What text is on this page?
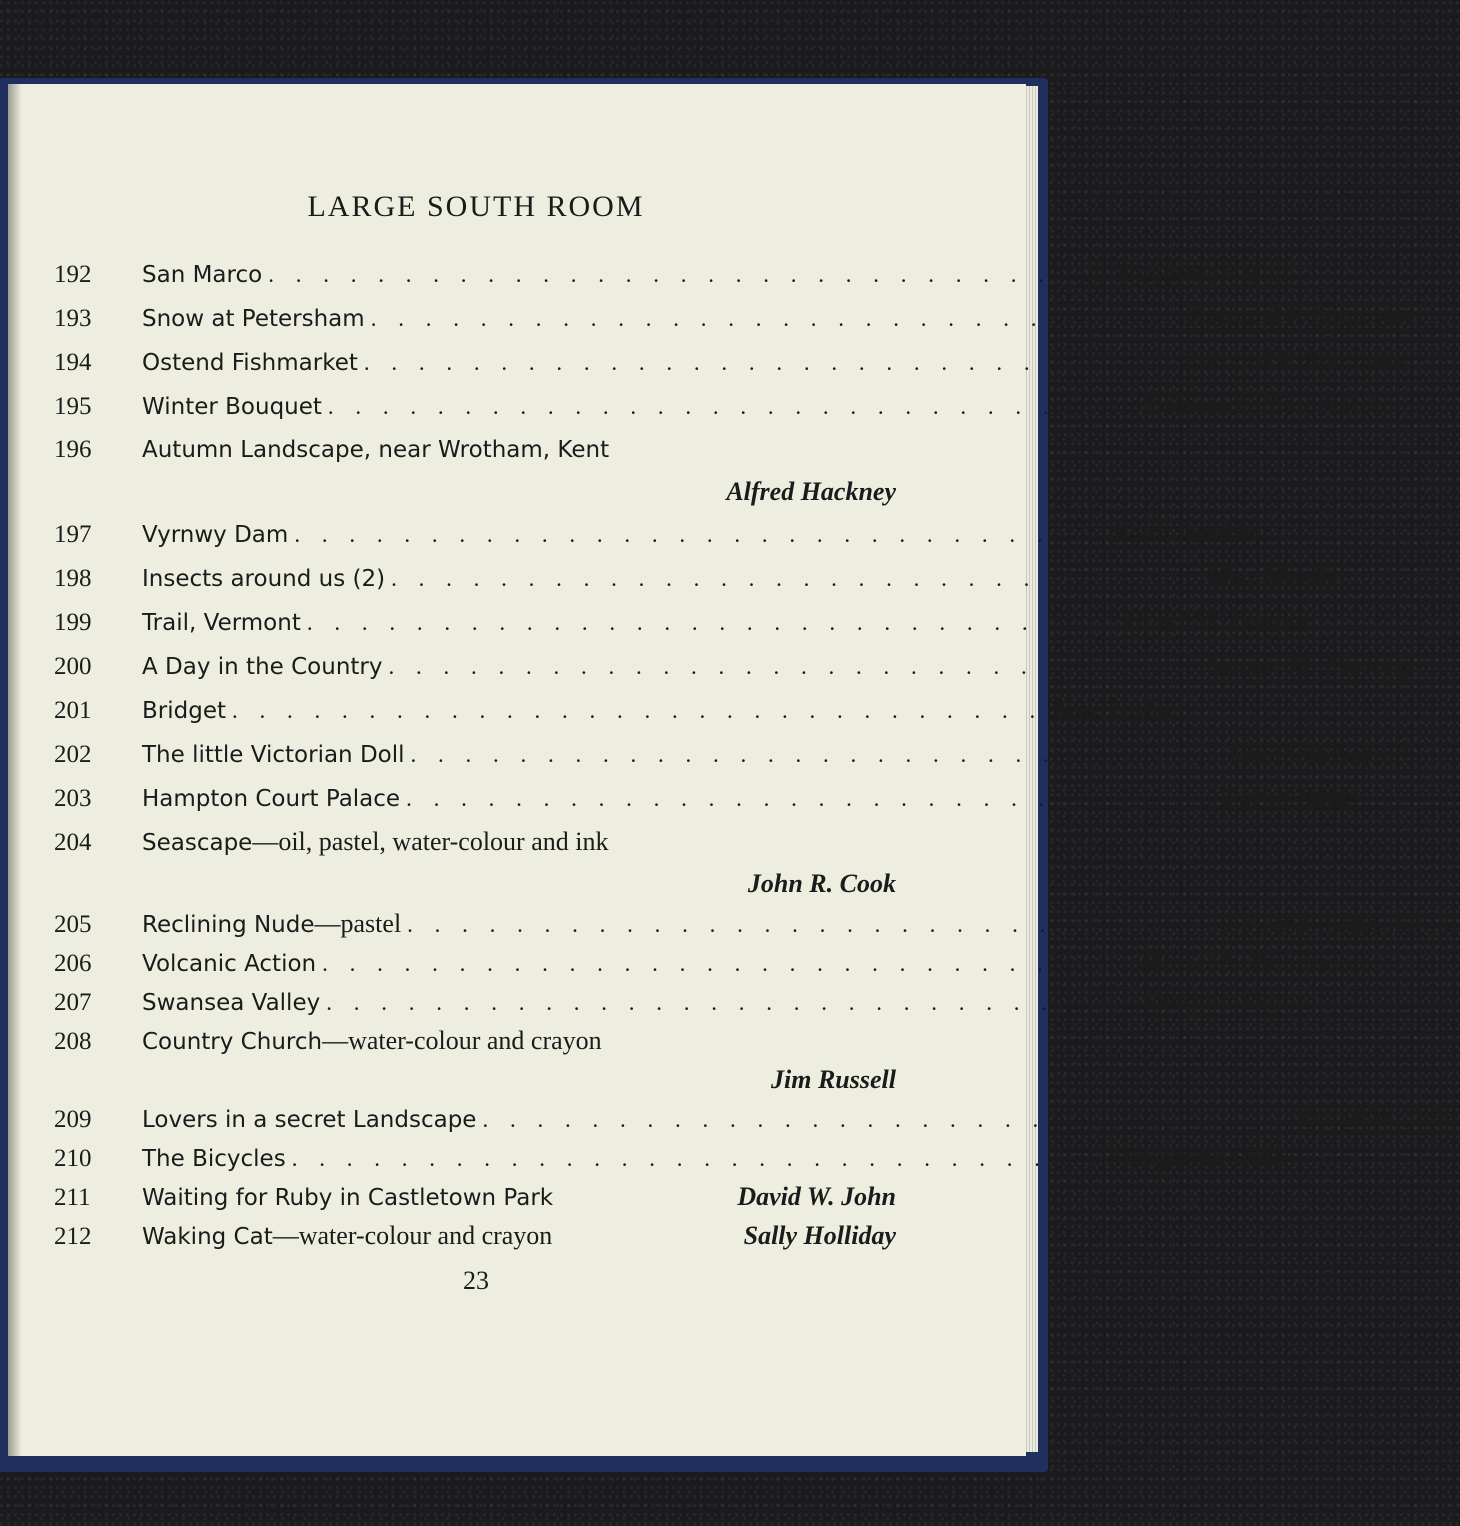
LARGE SOUTH ROOM
192	San Marco . . . . . . . . . . . . . . . . . . . . . . . . . . . . . . A. Henderson Hall
193	Snow at Petersham . . . . . . . . . . . . . . . . . . . . . . . . . . . . . . Bernard P. Batchelor
194	Ostend Fishmarket . . . . . . . . . . . . . . . . . . . . . . . . . . . . . . Bernard P. Batchelor
195	Winter Bouquet . . . . . . . . . . . . . . . . . . . . . . . . . . . . . . William Gillies, A.R.A.
196	Autumn Landscape, near Wrotham, Kent
Alfred Hackney
197	Vyrnwy Dam . . . . . . . . . . . . . . . . . . . . . . . . . . . . . . Keith Dunkley
198	Insects around us (2) . . . . . . . . . . . . . . . . . . . . . . . . . . . . . . Max Mueller
199	Trail, Vermont . . . . . . . . . . . . . . . . . . . . . . . . . . . . . . Hazel M. Connor
200	A Day in the Country . . . . . . . . . . . . . . . . . . . . . . . . . . . . . . Gillian M. Furlong
201	Bridget . . . . . . . . . . . . . . . . . . . . . . . . . . . . . . Jane Taylor
202	The little Victorian Doll . . . . . . . . . . . . . . . . . . . . . . . . . . . . . . Elizabeth Sorrell
203	Hampton Court Palace . . . . . . . . . . . . . . . . . . . . . . . . . . . . . . Lorna Binns
204	Seascape —oil, pastel, water-colour and ink
John R. Cook
205	Reclining Nude —pastel . . . . . . . . . . . . . . . . . . . . . . . . . . . . . . Edward Wolfe, A.R.A.
206	Volcanic Action . . . . . . . . . . . . . . . . . . . . . . . . . . . . . . Muriel A. Pemberton
207	Swansea Valley . . . . . . . . . . . . . . . . . . . . . . . . . . . . . . Eurgain Evans
208	Country Church —water-colour and crayon
Jim Russell
209	Lovers in a secret Landscape . . . . . . . . . . . . . . . . . . . . . . . . . . . . . . David W. John
210	The Bicycles . . . . . . . . . . . . . . . . . . . . . . . . . . . . . . Margareta Stille
211	Waiting for Ruby in Castletown Park	David W. John
212	Waking Cat —water-colour and crayon	Sally Holliday
23
